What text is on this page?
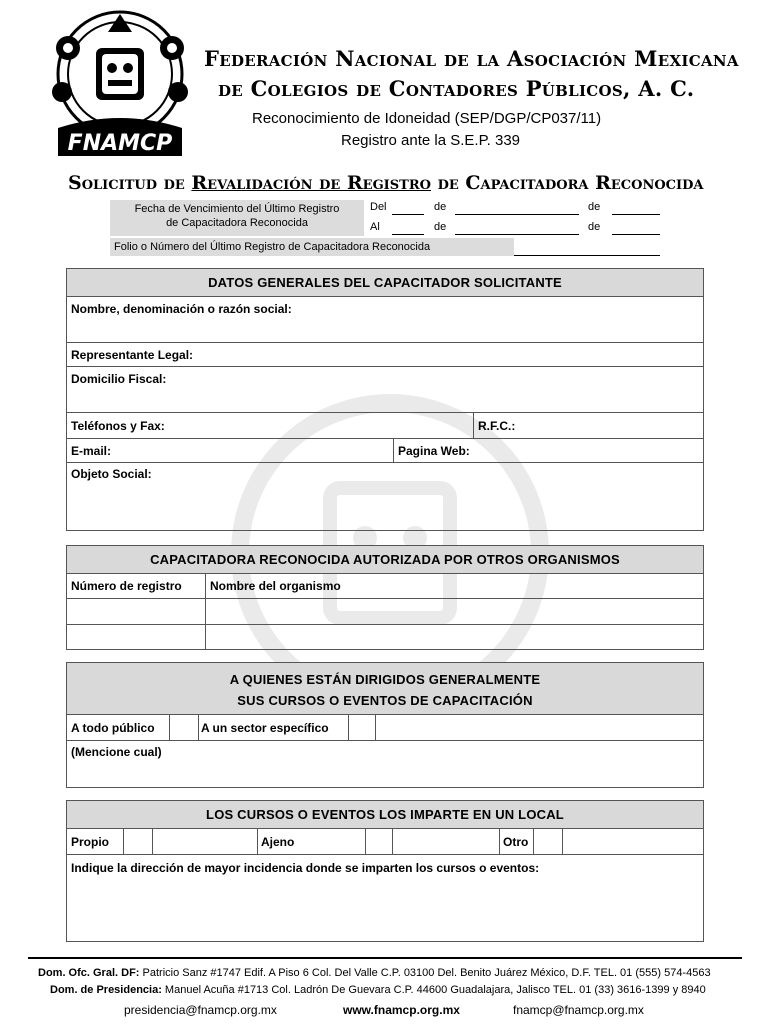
FNAMCP
Federación Nacional de la Asociación Mexicana
de Colegios de Contadores Públicos, A. C.
Reconocimiento de Idoneidad (SEP/DGP/CP037/11)
Registro ante la S.E.P. 339
Solicitud de Revalidación de Registro de Capacitadora Reconocida
Fecha de Vencimiento del Último Registro
de Capacitadora Reconocida
Del	de	de
Al	de	de
Folio o Número del Último Registro de Capacitadora Reconocida
DATOS GENERALES DEL CAPACITADOR SOLICITANTE
Nombre, denominación o razón social:
Representante Legal:
Domicilio Fiscal:
Teléfonos y Fax:	R.F.C.:
E-mail:	Pagina Web:
Objeto Social:
CAPACITADORA RECONOCIDA AUTORIZADA POR OTROS ORGANISMOS
Número de registro Nombre del organismo
A QUIENES ESTÁN DIRIGIDOS GENERALMENTE
SUS CURSOS O EVENTOS DE CAPACITACIÓN
A todo público	A un sector específico
(Mencione cual)
LOS CURSOS O EVENTOS LOS IMPARTE EN UN LOCAL
Propio	Ajeno	Otro
Indique la dirección de mayor incidencia donde se imparten los cursos o eventos:
Dom. Ofc. Gral. DF: Patricio Sanz #1747 Edif. A Piso 6 Col. Del Valle C.P. 03100 Del. Benito Juárez México, D.F. TEL. 01 (555) 574-4563
Dom. de Presidencia: Manuel Acuña #1713 Col. Ladrón De Guevara C.P. 44600 Guadalajara, Jalisco TEL. 01 (33) 3616-1399 y 8940
presidencia@fnamcp.org.mx	www.fnamcp.org.mx	fnamcp@fnamcp.org.mx
